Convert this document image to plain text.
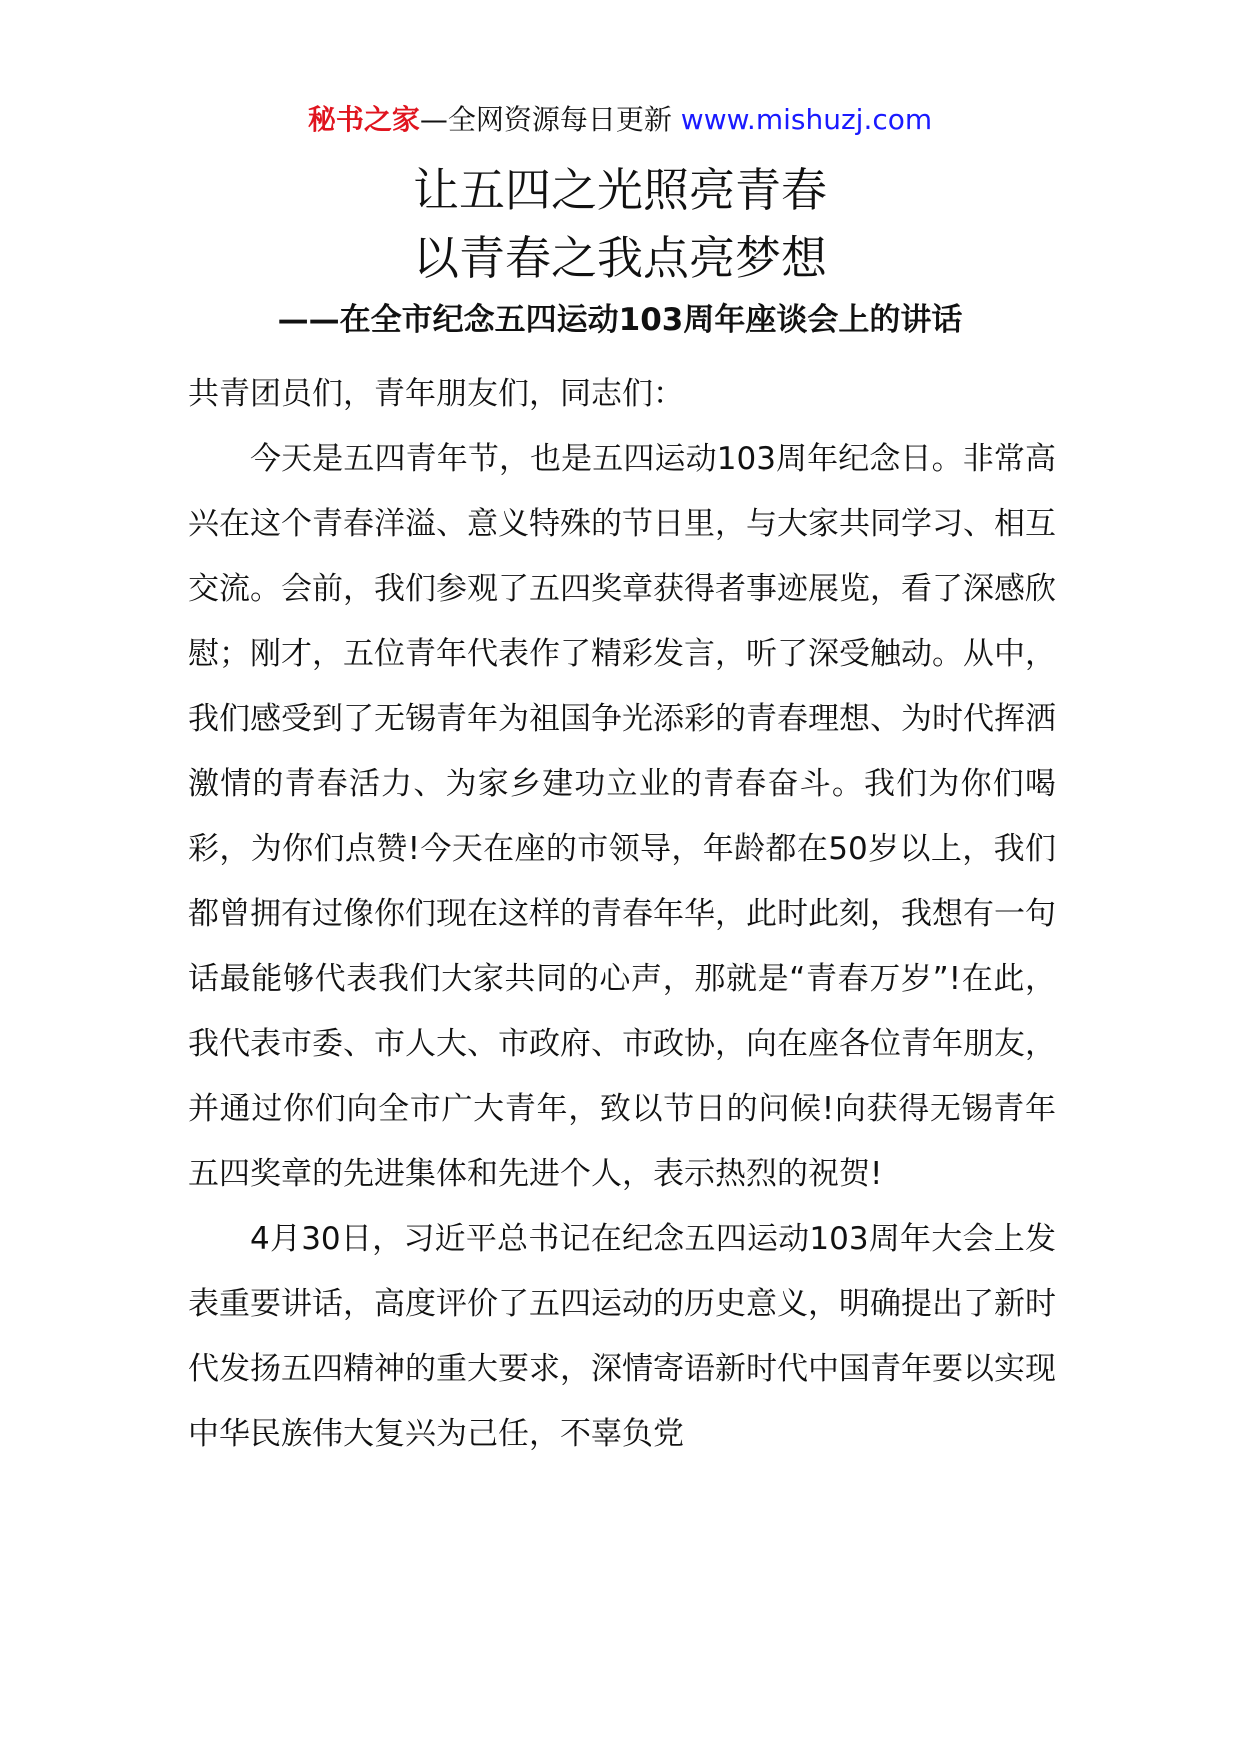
秘书之家—全网资源每日更新 www.mishuzj.com
让五四之光照亮青春
以青春之我点亮梦想
——在全市纪念五四运动103周年座谈会上的讲话

共青团员们，青年朋友们，同志们：

今天是五四青年节，也是五四运动103周年纪念日。非常高兴在这个青春洋溢、意义特殊的节日里，与大家共同学习、相互交流。会前，我们参观了五四奖章获得者事迹展览，看了深感欣慰；刚才，五位青年代表作了精彩发言，听了深受触动。从中，我们感受到了无锡青年为祖国争光添彩的青春理想、为时代挥洒激情的青春活力、为家乡建功立业的青春奋斗。我们为你们喝彩，为你们点赞!今天在座的市领导，年龄都在50岁以上，我们都曾拥有过像你们现在这样的青春年华，此时此刻，我想有一句话最能够代表我们大家共同的心声，那就是“青春万岁”!在此，我代表市委、市人大、市政府、市政协，向在座各位青年朋友，并通过你们向全市广大青年，致以节日的问候!向获得无锡青年五四奖章的先进集体和先进个人，表示热烈的祝贺!

4月30日，习近平总书记在纪念五四运动103周年大会上发表重要讲话，高度评价了五四运动的历史意义，明确提出了新时代发扬五四精神的重大要求，深情寄语新时代中国青年要以实现中华民族伟大复兴为己任，不辜负党
